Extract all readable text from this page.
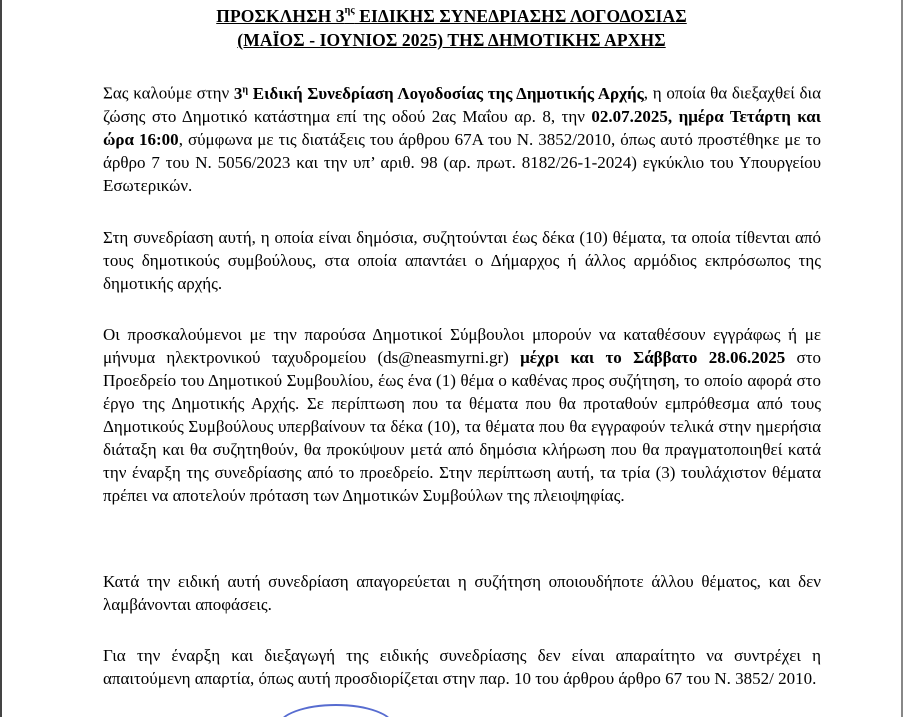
ΠΡΟΣΚΛΗΣΗ $3^{\eta\varsigma}$ ΕΙΔΙΚΗΣ ΣΥΝΕΔΡΙΑΣΗΣ ΛΟΓΟΔΟΣΙΑΣ
(ΜΑΪΟΣ - ΙΟΥΝΙΟΣ 2025) ΤΗΣ ΔΗΜΟΤΙΚΗΣ ΑΡΧΗΣ

Σας καλούμε στην $3^\eta$ Ειδική Συνεδρίαση Λογοδοσίας της Δημοτικής Αρχής, η οποία θα διεξαχθεί δια ζώσης στο Δημοτικό κατάστημα επί της οδού 2ας Μαΐου αρ. 8, την 02.07.2025, ημέρα Τετάρτη και ώρα 16:00, σύμφωνα με τις διατάξεις του άρθρου 67Α του Ν. 3852/2010, όπως αυτό προστέθηκε με το άρθρο 7 του Ν. 5056/2023 και την υπ’ αριθ. 98 (αρ. πρωτ. 8182/26-1-2024) εγκύκλιο του Υπουργείου Εσωτερικών.

Στη συνεδρίαση αυτή, η οποία είναι δημόσια, συζητούνται έως δέκα (10) θέματα, τα οποία τίθενται από τους δημοτικούς συμβούλους, στα οποία απαντάει ο Δήμαρχος ή άλλος αρμόδιος εκπρόσωπος της δημοτικής αρχής.

Οι προσκαλούμενοι με την παρούσα Δημοτικοί Σύμβουλοι μπορούν να καταθέσουν εγγράφως ή με μήνυμα ηλεκτρονικού ταχυδρομείου (ds@neasmyrni.gr) μέχρι και το Σάββατο 28.06.2025 στο Προεδρείο του Δημοτικού Συμβουλίου, έως ένα (1) θέμα ο καθένας προς συζήτηση, το οποίο αφορά στο έργο της Δημοτικής Αρχής. Σε περίπτωση που τα θέματα που θα προταθούν εμπρόθεσμα από τους Δημοτικούς Συμβούλους υπερβαίνουν τα δέκα (10), τα θέματα που θα εγγραφούν τελικά στην ημερήσια διάταξη και θα συζητηθούν, θα προκύψουν μετά από δημόσια κλήρωση που θα πραγματοποιηθεί κατά την έναρξη της συνεδρίασης από το προεδρείο. Στην περίπτωση αυτή, τα τρία (3) τουλάχιστον θέματα πρέπει να αποτελούν πρόταση των Δημοτικών Συμβούλων της πλειοψηφίας.

Κατά την ειδική αυτή συνεδρίαση απαγορεύεται η συζήτηση οποιουδήποτε άλλου θέματος, και δεν λαμβάνονται αποφάσεις.

Για την έναρξη και διεξαγωγή της ειδικής συνεδρίασης δεν είναι απαραίτητο να συντρέχει η απαιτούμενη απαρτία, όπως αυτή προσδιορίζεται στην παρ. 10 του άρθρου άρθρο 67 του Ν. 3852/ 2010.
